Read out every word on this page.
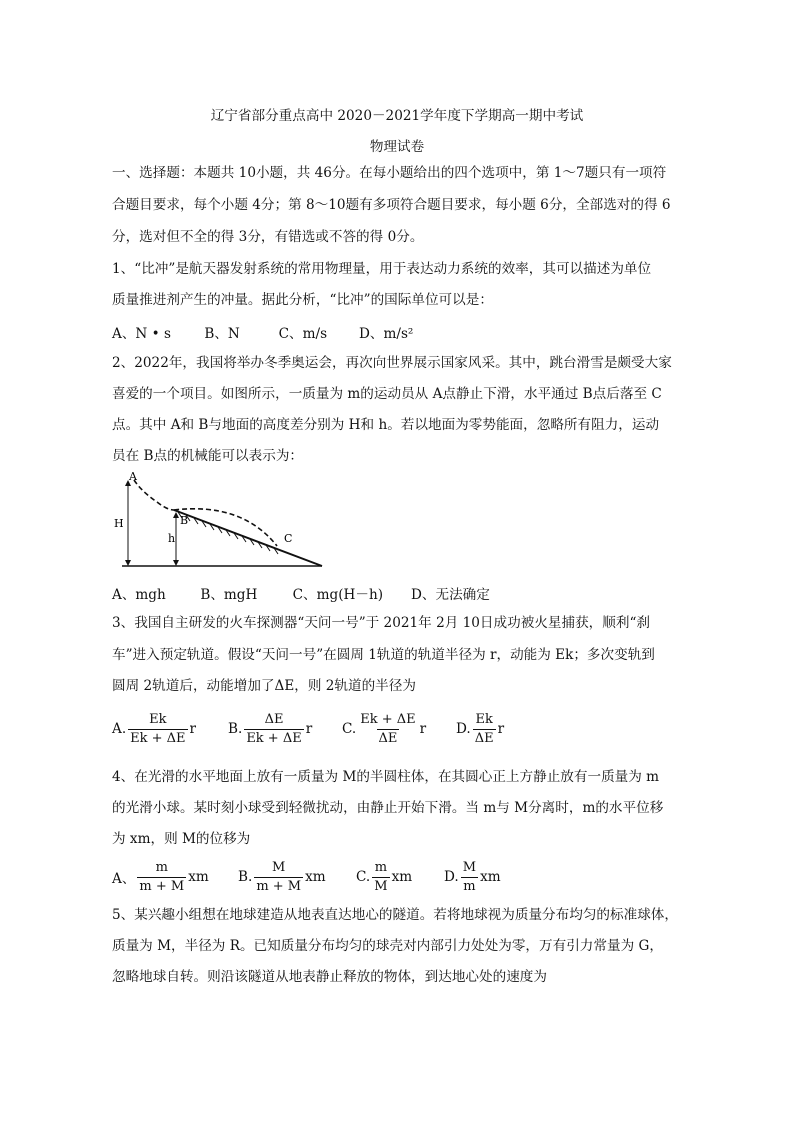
辽宁省部分重点高中 2020－2021学年度下学期高一期中考试
物理试卷
一、选择题：本题共 10小题，共 46分。在每小题给出的四个选项中，第 1～7题只有一项符
合题目要求，每个小题 4分；第 8～10题有多项符合题目要求，每小题 6分，全部选对的得 6
分，选对但不全的得 3分，有错选或不答的得 0分。
1、“比冲”是航天器发射系统的常用物理量，用于表达动力系统的效率，其可以描述为单位
质量推进剂产生的冲量。据此分析，“比冲”的国际单位可以是：
A、N • s B、N	C、m/s D、m/s²
2、2022年，我国将举办冬季奥运会，再次向世界展示国家风采。其中，跳台滑雪是颇受大家
喜爱的一个项目。如图所示，一质量为 m的运动员从 A点静止下滑，水平通过 B点后落至 C
点。其中 A和 B与地面的高度差分别为 H和 h。若以地面为零势能面，忽略所有阻力，运动
员在 B点的机械能可以表示为：
A
B
C
H
h
A、mgh	B、mgH	C、mg(H－h) D、无法确定
3、我国自主研发的火车探测器“天问一号”于 2021年 2月 10日成功被火星捕获，顺利“刹
车”进入预定轨道。假设“天问一号”在圆周 1轨道的轨道半径为 r，动能为 Ek；多次变轨到
圆周 2轨道后，动能增加了ΔE，则 2轨道的半径为
A. $\frac{Ek}{Ek + \Delta E}$ r B. $\frac{\Delta E}{Ek + \Delta E}$ r C. $\frac{Ek + \Delta E}{\Delta E}$ r D. $\frac{Ek}{\Delta E}$ r
4、在光滑的水平地面上放有一质量为 M的半圆柱体，在其圆心正上方静止放有一质量为 m
的光滑小球。某时刻小球受到轻微扰动，由静止开始下滑。当 m与 M分离时，m的水平位移
为 xm，则 M的位移为
A、 $\frac{m}{m + M}$ xm B. $\frac{M}{m + M}$ xm C. $\frac{m}{M}$ xm D. $\frac{M}{m}$ xm
5、某兴趣小组想在地球建造从地表直达地心的隧道。若将地球视为质量分布均匀的标准球体，
质量为 M，半径为 R。已知质量分布均匀的球壳对内部引力处处为零，万有引力常量为 G，
忽略地球自转。则沿该隧道从地表静止释放的物体，到达地心处的速度为
